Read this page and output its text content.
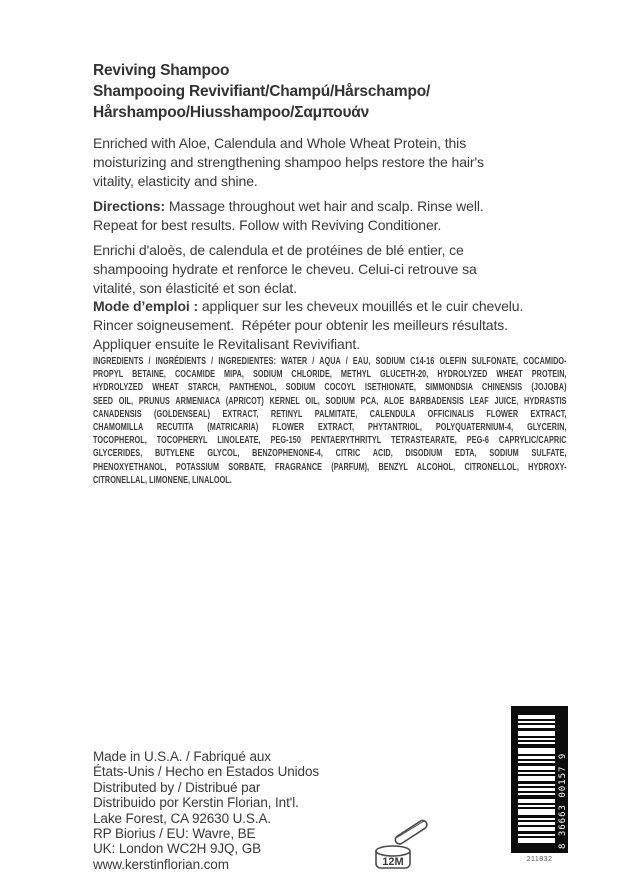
Reviving Shampoo
Shampooing Revivifiant/Champú/Hårschampo/
Hårshampoo/Hiusshampoo/Σαμπουάν
Enriched with Aloe, Calendula and Whole Wheat Protein, this
moisturizing and strengthening shampoo helps restore the hair's
vitality, elasticity and shine.
Directions: Massage throughout wet hair and scalp. Rinse well.
Repeat for best results. Follow with Reviving Conditioner.
Enrichi d'aloès, de calendula et de protéines de blé entier, ce
shampooing hydrate et renforce le cheveu. Celui-ci retrouve sa
vitalité, son élasticité et son éclat.
Mode d’emploi : appliquer sur les cheveux mouillés et le cuir chevelu.
Rincer soigneusement.  Répéter pour obtenir les meilleurs résultats.
Appliquer ensuite le Revitalisant Revivifiant.
INGREDIENTS / INGRÉDIENTS / INGREDIENTES: WATER / AQUA / EAU, SODIUM C14-16 OLEFIN SULFONATE, COCAMIDO-
PROPYL BETAINE, COCAMIDE MIPA, SODIUM CHLORIDE, METHYL GLUCETH-20, HYDROLYZED WHEAT PROTEIN,
HYDROLYZED WHEAT STARCH, PANTHENOL, SODIUM COCOYL ISETHIONATE, SIMMONDSIA CHINENSIS (JOJOBA)
SEED OIL, PRUNUS ARMENIACA (APRICOT) KERNEL OIL, SODIUM PCA, ALOE BARBADENSIS LEAF JUICE, HYDRASTIS
CANADENSIS (GOLDENSEAL) EXTRACT, RETINYL PALMITATE, CALENDULA OFFICINALIS FLOWER EXTRACT,
CHAMOMILLA RECUTITA (MATRICARIA) FLOWER EXTRACT, PHYTANTRIOL, POLYQUATERNIUM-4, GLYCERIN,
TOCOPHEROL, TOCOPHERYL LINOLEATE, PEG-150 PENTAERYTHRITYL TETRASTEARATE, PEG-6 CAPRYLIC/CAPRIC
GLYCERIDES, BUTYLENE GLYCOL, BENZOPHENONE-4, CITRIC ACID, DISODIUM EDTA, SODIUM SULFATE,
PHENOXYETHANOL, POTASSIUM SORBATE, FRAGRANCE (PARFUM), BENZYL ALCOHOL, CITRONELLOL, HYDROXY-
CITRONELLAL, LIMONENE, LINALOOL.
Made in U.S.A. / Fabriqué aux
États-Unis / Hecho en Estados Unidos
Distributed by / Distribué par
Distribuido por Kerstin Florian, Int'l.
Lake Forest, CA 92630 U.S.A.
RP Biorius / EU: Wavre, BE
UK: London WC2H 9JQ, GB
www.kerstinflorian.com	12M
8 36663 00157 9
211832
